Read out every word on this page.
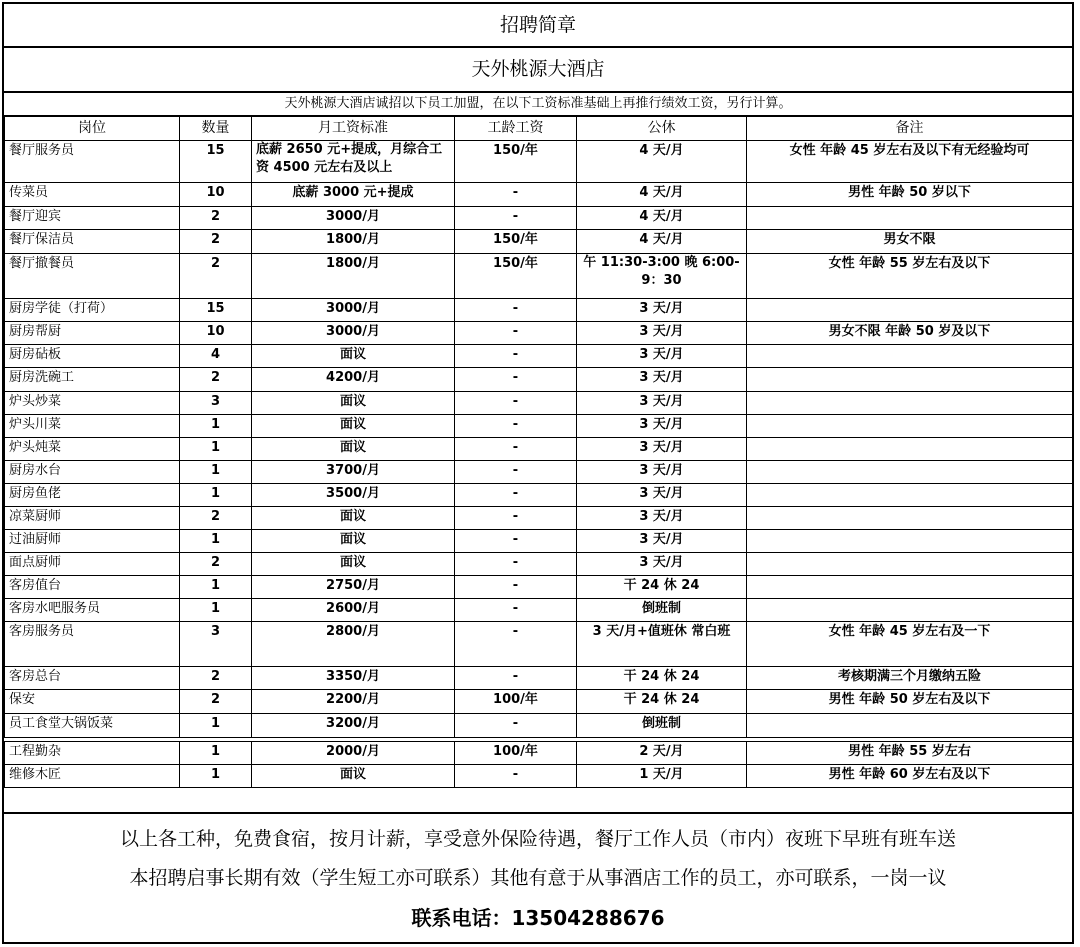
招聘简章
天外桃源大酒店
天外桃源大酒店诚招以下员工加盟，在以下工资标准基础上再推行绩效工资，另行计算。
岗位	数量	月工资标准	工龄工资	公休	备注
餐厅服务员	15	底薪 2650 元+提成，月综合工资 4500 元左右及以上	150/年	4 天/月	女性 年龄 45 岁左右及以下有无经验均可
传菜员	10	底薪 3000 元+提成	-	4 天/月	男性 年龄 50 岁以下
餐厅迎宾	2	3000/月	-	4 天/月	
餐厅保洁员	2	1800/月	150/年	4 天/月	男女不限
餐厅撤餐员	2	1800/月	150/年	午 11:30-3:00 晚 6:00-9：30	女性 年龄 55 岁左右及以下
厨房学徒（打荷）	15	3000/月	-	3 天/月	
厨房帮厨	10	3000/月	-	3 天/月	男女不限 年龄 50 岁及以下
厨房砧板	4	面议	-	3 天/月	
厨房洗碗工	2	4200/月	-	3 天/月	
炉头炒菜	3	面议	-	3 天/月	
炉头川菜	1	面议	-	3 天/月	
炉头炖菜	1	面议	-	3 天/月	
厨房水台	1	3700/月	-	3 天/月	
厨房鱼佬	1	3500/月	-	3 天/月	
凉菜厨师	2	面议	-	3 天/月	
过油厨师	1	面议	-	3 天/月	
面点厨师	2	面议	-	3 天/月	
客房值台	1	2750/月	-	干 24 休 24	
客房水吧服务员	1	2600/月	-	倒班制	
客房服务员	3	2800/月	-	3 天/月+值班休 常白班	女性 年龄 45 岁左右及一下
客房总台	2	3350/月	-	干 24 休 24	考核期满三个月缴纳五险
保安	2	2200/月	100/年	干 24 休 24	男性 年龄 50 岁左右及以下
员工食堂大锅饭菜	1	3200/月	-	倒班制	

工程勤杂	1	2000/月	100/年	2 天/月	男性 年龄 55 岁左右
维修木匠	1	面议	-	1 天/月	男性 年龄 60 岁左右及以下
以上各工种，免费食宿，按月计薪，享受意外保险待遇，餐厅工作人员（市内）夜班下早班有班车送
本招聘启事长期有效（学生短工亦可联系）其他有意于从事酒店工作的员工，亦可联系，一岗一议
联系电话：13504288676
